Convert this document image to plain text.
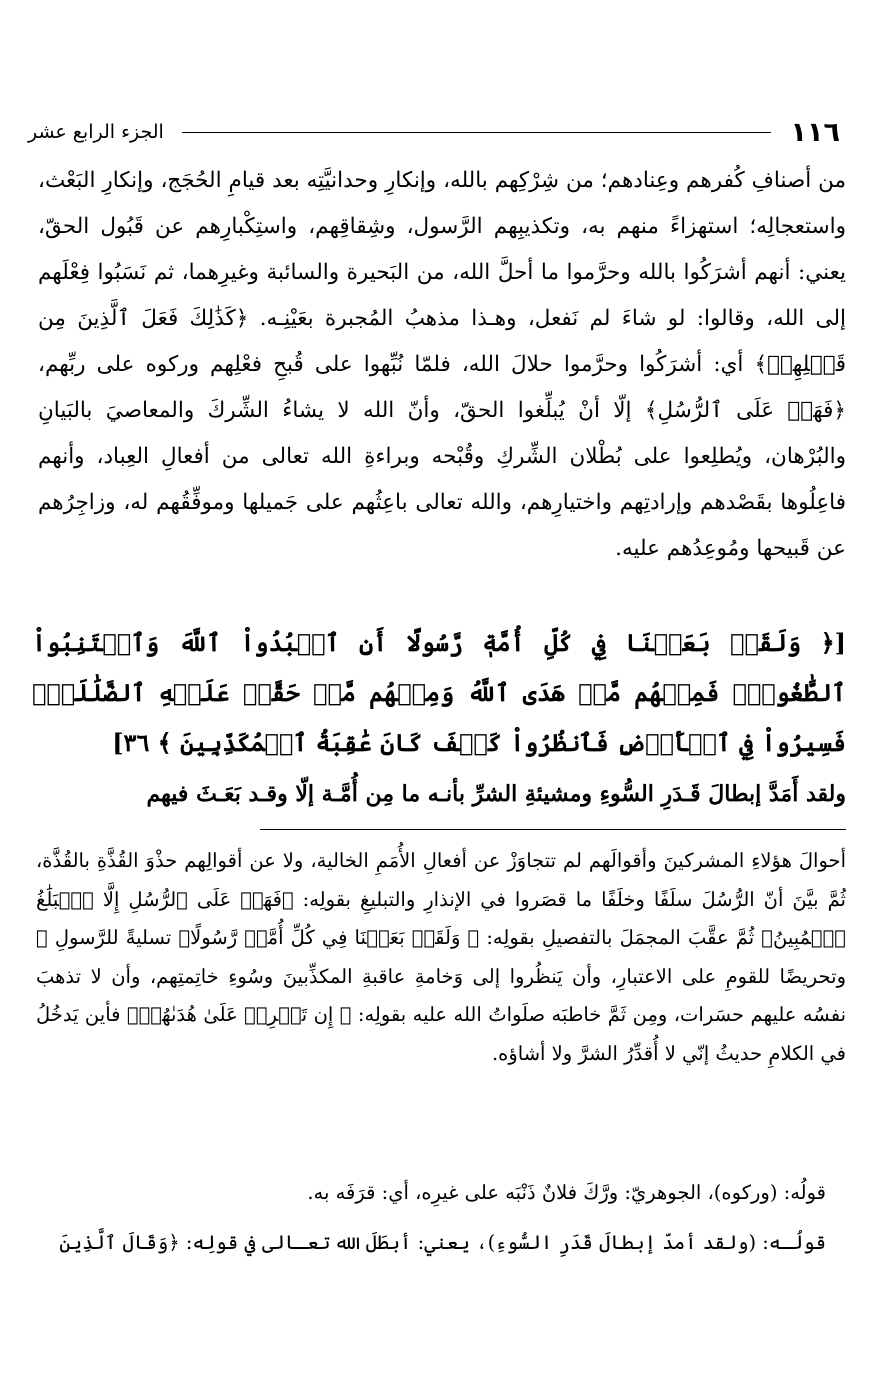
١١٦
الجزء الرابع عشر

من أصنافِ كُفرهم وعِنادهم؛ من شِرْكِهم بالله، وإنكارِ وحدانيَّتِه بعد قيامِ الحُجَج، وإنكارِ البَعْث، واستعجالِه؛ استهزاءً منهم به، وتكذيبِهم الرَّسول، وشِقاقِهم، واستِكْبارِهم عن قَبُول الحقّ، يعني: أنهم أشرَكُوا بالله وحرَّموا ما أحلَّ الله، من البَحيرة والسائبة وغيرِهما، ثم نَسَبُوا فِعْلَهم إلى الله، وقالوا: لو شاءَ لم نَفعل، وهـذا مذهبُ المُجبرة بعَيْنِـه. ﴿كَذَٰلِكَ فَعَلَ ٱلَّذِينَ مِن قَبۡلِهِمۡ﴾ أي: أشرَكُوا وحرَّموا حلالَ الله، فلمّا نُبِّهوا على قُبحِ فعْلِهم وركوه على ربِّهم، ﴿فَهَلۡ عَلَى ٱلرُّسُلِ﴾ إلّا أنْ يُبلِّغوا الحقّ، وأنّ الله لا يشاءُ الشِّركَ والمعاصيَ بالبَيانِ والبُرْهان، ويُطلِعوا على بُطْلان الشِّركِ وقُبْحه وبراءةِ الله تعالى من أفعالِ العِباد، وأنهم فاعِلُوها بقَصْدهم وإرادتِهم واختيارِهم، والله تعالى باعِثُهم على جَميلها وموفِّقُهم له، وزاجِرُهم عن قَبيحها ومُوعِدُهم عليه.

[﴿ وَلَقَدۡ بَعَثۡنَا فِي كُلِّ أُمَّةٖ رَّسُولًا أَنِ ٱعۡبُدُواْ ٱللَّهَ وَٱجۡتَنِبُواْ ٱلطَّٰغُوتَۖ فَمِنۡهُم مَّنۡ هَدَى ٱللَّهُ وَمِنۡهُم مَّنۡ حَقَّتۡ عَلَيۡهِ ٱلضَّلَٰلَةُۚ فَسِيرُواْ فِي ٱلۡأَرۡضِ فَٱنظُرُواْ كَيۡفَ كَانَ عَٰقِبَةُ ٱلۡمُكَذِّبِينَ ﴾ ٣٦]
ولقد أَمَدَّ إبطالَ قَـدَرِ السُّوءِ ومشيئةِ الشرِّ بأنـه ما مِن أُمَّـة إلّا وقـد بَعَـثَ فيهم
أحوالَ هؤلاءِ المشركينَ وأقوالَهم لم تتجاوَزْ عن أفعالِ الأُمَمِ الخالية، ولا عن أقوالِهم حذْوَ القُذَّةِ بالقُذَّة، ثُمَّ بيَّنَ أنّ الرُّسُلَ سلَفًا وخلَفًا ما قصَروا في الإنذارِ والتبليغِ بقولِه: ﴿فَهَلۡ عَلَى ٱلرُّسُلِ إِلَّا ٱلۡبَلَٰغُ ٱلۡمُبِينُ﴾ ثُمَّ عقَّبَ المجمَلَ بالتفصيلِ بقولِه: ﴿ وَلَقَدۡ بَعَثۡنَا فِي كُلِّ أُمَّةٖ رَّسُولًا﴾ تسليةً للرَّسولِ ﷺ وتحريضًا للقومِ على الاعتبارِ، وأن يَنظُروا إلى وَخامةِ عاقبةِ المكذِّبينَ وسُوءِ خاتِمتِهم، وأن لا تذهبَ نفسُه عليهم حسَرات، ومِن ثَمَّ خاطبَه صلَواتُ الله عليه بقولِه: ﴿ إِن تَحۡرِصۡ عَلَىٰ هُدَىٰهُمۡ﴾ فأين يَدخُلُ في الكلامِ حديثُ إنّي لا أُقدِّرُ الشرَّ ولا أشاؤه.

قولُه: (وركوه)، الجوهريّ: ورَّكَ فلانٌ ذَنْبَه على غيرِه، أي: قرَفَه به.

قولُـه: (ولقد أمدّ إبطالَ قَدَرِ السُّوءِ)، يعني: أبطَلَ الله تعـالى في قولِه: ﴿وَقَالَ ٱلَّذِينَ
